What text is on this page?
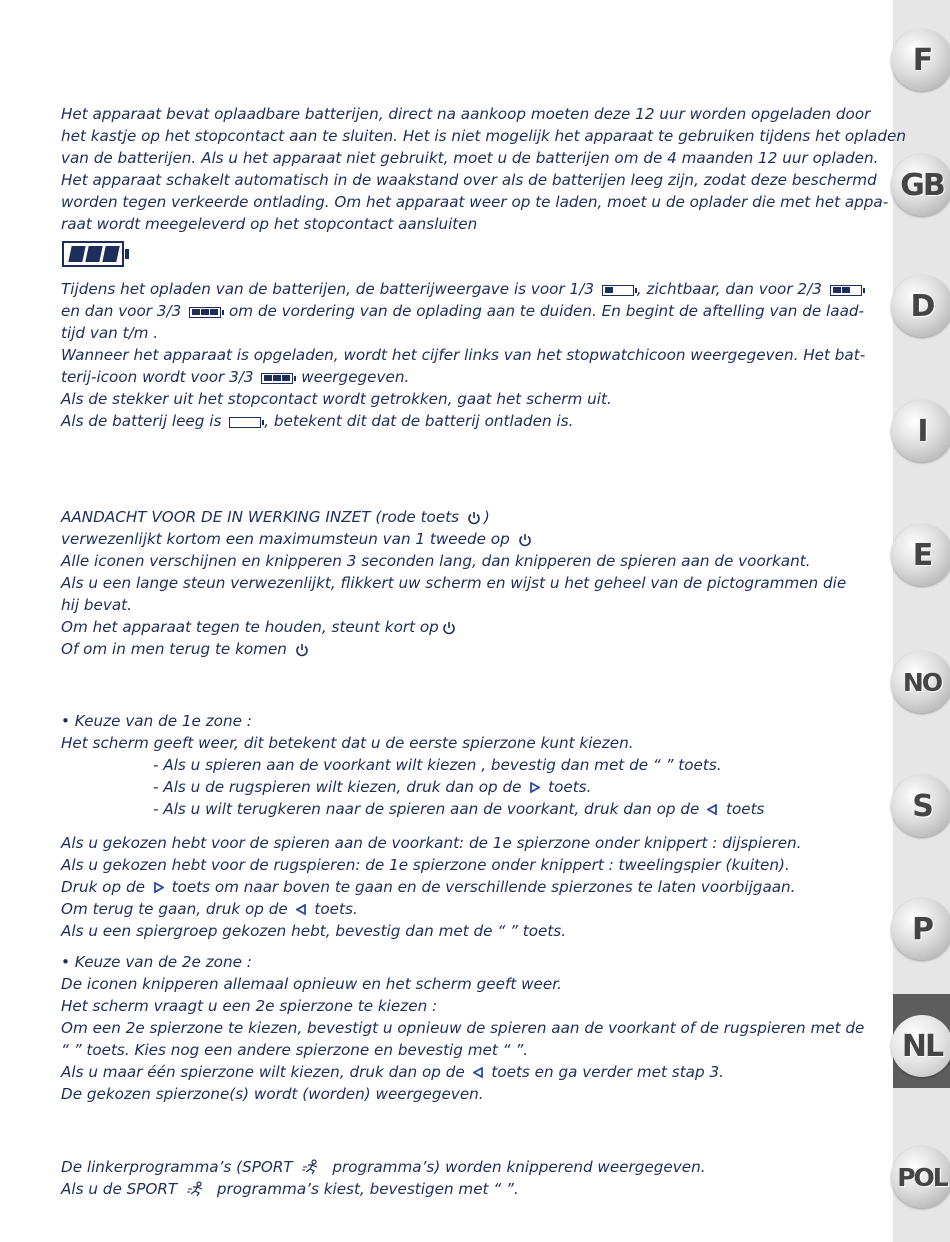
F
GB
D
I
E
NO
S
P
NL
POL
Het apparaat bevat oplaadbare batterijen, direct na aankoop moeten deze 12 uur worden opgeladen door
het kastje op het stopcontact aan te sluiten. Het is niet mogelijk het apparaat te gebruiken tijdens het opladen
van de batterijen. Als u het apparaat niet gebruikt, moet u de batterijen om de 4 maanden 12 uur opladen.
Het apparaat schakelt automatisch in de waakstand over als de batterijen leeg zijn, zodat deze beschermd
worden tegen verkeerde ontlading. Om het apparaat weer op te laden, moet u de oplader die met het appa-
raat wordt meegeleverd op het stopcontact aansluiten
Tijdens het opladen van de batterijen, de batterijweergave is voor 1/3	, zichtbaar, dan voor 2/3
en dan voor 3/3	om de vordering van de oplading aan te duiden. En begint de aftelling van de laad-
tijd van t/m .
Wanneer het apparaat is opgeladen, wordt het cijfer links van het stopwatchicoon weergegeven. Het bat-
terij-icoon wordt voor 3/3	weergegeven.
Als de stekker uit het stopcontact wordt getrokken, gaat het scherm uit.
Als de batterij leeg is	, betekent dit dat de batterij ontladen is.
AANDACHT VOOR DE IN WERKING INZET (rode toets )
verwezenlijkt kortom een maximumsteun van 1 tweede op
Alle iconen verschijnen en knipperen 3 seconden lang, dan knipperen de spieren aan de voorkant.
Als u een lange steun verwezenlijkt, flikkert uw scherm en wijst u het geheel van de pictogrammen die
hij bevat.
Om het apparaat tegen te houden, steunt kort op
Of om in men terug te komen
• Keuze van de 1e zone :
Het scherm geeft weer, dit betekent dat u de eerste spierzone kunt kiezen.
- Als u spieren aan de voorkant wilt kiezen , bevestig dan met de “ ” toets.
- Als u de rugspieren wilt kiezen, druk dan op de toets.
- Als u wilt terugkeren naar de spieren aan de voorkant, druk dan op de toets
Als u gekozen hebt voor de spieren aan de voorkant: de 1e spierzone onder knippert : dijspieren.
Als u gekozen hebt voor de rugspieren: de 1e spierzone onder knippert : tweelingspier (kuiten).
Druk op de toets om naar boven te gaan en de verschillende spierzones te laten voorbijgaan.
Om terug te gaan, druk op de toets.
Als u een spiergroep gekozen hebt, bevestig dan met de “ ” toets.
• Keuze van de 2e zone :
De iconen knipperen allemaal opnieuw en het scherm geeft weer.
Het scherm vraagt u een 2e spierzone te kiezen :
Om een 2e spierzone te kiezen, bevestigt u opnieuw de spieren aan de voorkant of de rugspieren met de
“ ” toets. Kies nog een andere spierzone en bevestig met “ ”.
Als u maar één spierzone wilt kiezen, druk dan op de toets en ga verder met stap 3.
De gekozen spierzone(s) wordt (worden) weergegeven.
De linkerprogramma’s (SPORT	programma’s) worden knipperend weergegeven.
Als u de SPORT	programma’s kiest, bevestigen met “ ”.
